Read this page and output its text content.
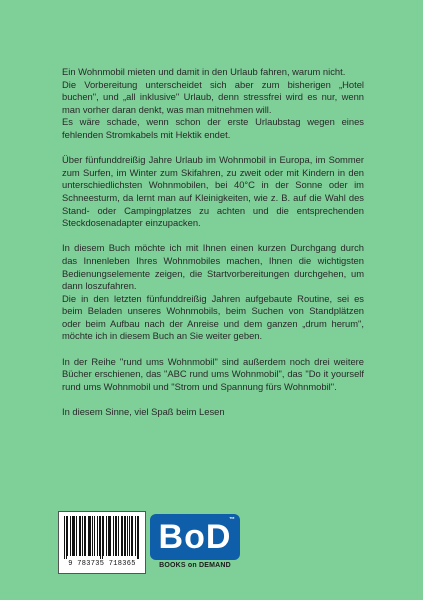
Ein Wohnmobil mieten und damit in den Urlaub fahren, warum nicht.
Die Vorbereitung unterscheidet sich aber zum bisherigen „Hotel buchen", und „all inklusive" Urlaub, denn stressfrei wird es nur, wenn man vorher daran denkt, was man mitnehmen will.
Es wäre schade, wenn schon der erste Urlaubstag wegen eines fehlenden Stromkabels mit Hektik endet.

Über fünfunddreißig Jahre Urlaub im Wohnmobil in Europa, im Sommer zum Surfen, im Winter zum Skifahren, zu zweit oder mit Kindern in den unterschiedlichsten Wohnmobilen, bei 40°C in der Sonne oder im Schneesturm, da lernt man auf Kleinigkeiten, wie z. B. auf die Wahl des Stand- oder Campingplatzes zu achten und die entsprechenden Steckdosenadapter einzupacken.

In diesem Buch möchte ich mit Ihnen einen kurzen Durchgang durch das Innenleben Ihres Wohnmobiles machen, Ihnen die wichtigsten Bedienungselemente zeigen, die Startvorbereitungen durchgehen, um dann loszufahren.
Die in den letzten fünfunddreißig Jahren aufgebaute Routine, sei es beim Beladen unseres Wohnmobils, beim Suchen von Standplätzen oder beim Aufbau nach der Anreise und dem ganzen „drum herum", möchte ich in diesem Buch an Sie weiter geben.

In der Reihe "rund ums Wohnmobil" sind außerdem noch drei weitere Bücher erschienen, das "ABC rund ums Wohnmobil", das "Do it yourself rund ums Wohnmobil und "Strom und Spannung fürs Wohnmobil".

In diesem Sinne, viel Spaß beim Lesen

9 783735 718365
BoD
™
BOOKS on DEMAND
